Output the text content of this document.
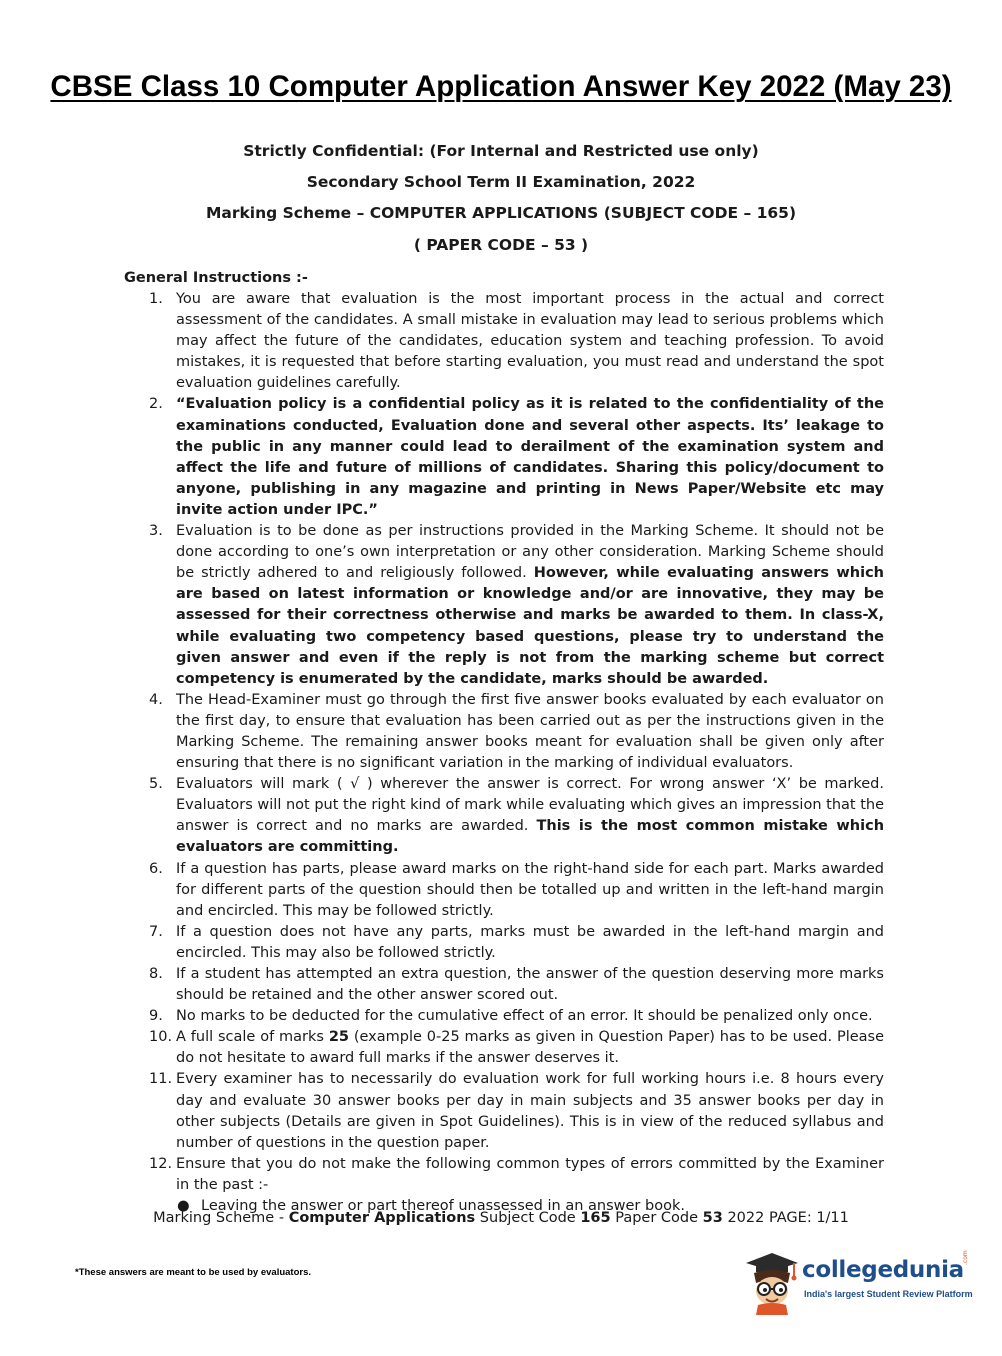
CBSE Class 10 Computer Application Answer Key 2022 (May 23)
Strictly Confidential: (For Internal and Restricted use only)
Secondary School Term II Examination, 2022
Marking Scheme – COMPUTER APPLICATIONS (SUBJECT CODE – 165)
( PAPER CODE – 53 )
General Instructions :-
1. You are aware that evaluation is the most important process in the actual and correct assessment of the candidates. A small mistake in evaluation may lead to serious problems which may affect the future of the candidates, education system and teaching profession. To avoid mistakes, it is requested that before starting evaluation, you must read and understand the spot evaluation guidelines carefully.
2. “Evaluation policy is a confidential policy as it is related to the confidentiality of the examinations conducted, Evaluation done and several other aspects. Its’ leakage to the public in any manner could lead to derailment of the examination system and affect the life and future of millions of candidates. Sharing this policy/document to anyone, publishing in any magazine and printing in News Paper/Website etc may invite action under IPC.”
3. Evaluation is to be done as per instructions provided in the Marking Scheme. It should not be done according to one’s own interpretation or any other consideration. Marking Scheme should be strictly adhered to and religiously followed. However, while evaluating answers which are based on latest information or knowledge and/or are innovative, they may be assessed for their correctness otherwise and marks be awarded to them. In class-X, while evaluating two competency based questions, please try to understand the given answer and even if the reply is not from the marking scheme but correct competency is enumerated by the candidate, marks should be awarded.
4. The Head-Examiner must go through the first five answer books evaluated by each evaluator on the first day, to ensure that evaluation has been carried out as per the instructions given in the Marking Scheme. The remaining answer books meant for evaluation shall be given only after ensuring that there is no significant variation in the marking of individual evaluators.
5. Evaluators will mark ( √ ) wherever the answer is correct. For wrong answer ‘X’ be marked. Evaluators will not put the right kind of mark while evaluating which gives an impression that the answer is correct and no marks are awarded. This is the most common mistake which evaluators are committing.
6. If a question has parts, please award marks on the right-hand side for each part. Marks awarded for different parts of the question should then be totalled up and written in the left-hand margin and encircled. This may be followed strictly.
7. If a question does not have any parts, marks must be awarded in the left-hand margin and encircled. This may also be followed strictly.
8. If a student has attempted an extra question, the answer of the question deserving more marks should be retained and the other answer scored out.
9. No marks to be deducted for the cumulative effect of an error. It should be penalized only once.
10. A full scale of marks 25 (example 0-25 marks as given in Question Paper) has to be used. Please do not hesitate to award full marks if the answer deserves it.
11. Every examiner has to necessarily do evaluation work for full working hours i.e. 8 hours every day and evaluate 30 answer books per day in main subjects and 35 answer books per day in other subjects (Details are given in Spot Guidelines). This is in view of the reduced syllabus and number of questions in the question paper.
12. Ensure that you do not make the following common types of errors committed by the Examiner in the past :-
● Leaving the answer or part thereof unassessed in an answer book.
Marking Scheme - Computer Applications Subject Code 165 Paper Code 53 2022 PAGE: 1/11
*These answers are meant to be used by evaluators.	collegedunia
.com
India's largest Student Review Platform
